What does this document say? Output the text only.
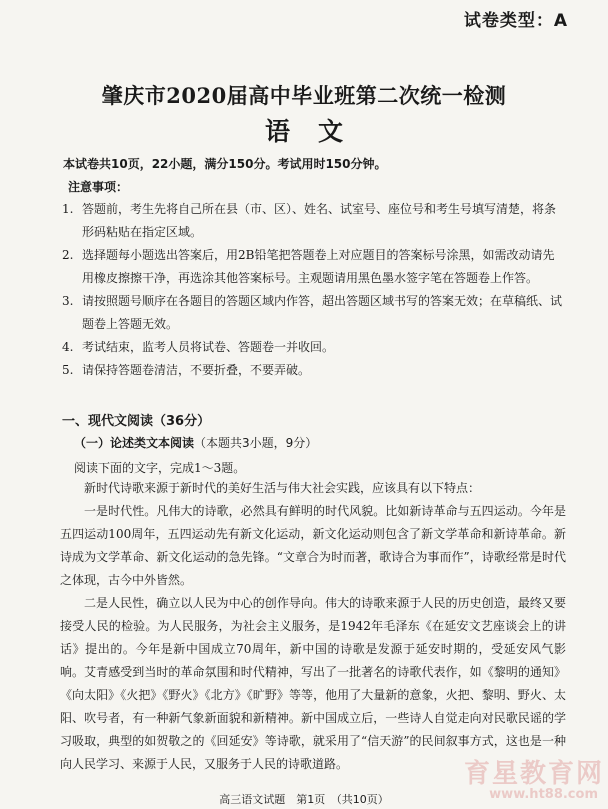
试卷类型：A
肇庆市2020届高中毕业班第二次统一检测
语文
本试卷共10页，22小题，满分150分。考试用时150分钟。
注意事项：
1. 答题前，考生先将自己所在县（市、区）、姓名、试室号、座位号和考生号填写清楚，将条形码粘贴在指定区域。
2. 选择题每小题选出答案后，用2B铅笔把答题卷上对应题目的答案标号涂黑，如需改动请先用橡皮擦擦干净，再选涂其他答案标号。主观题请用黑色墨水签字笔在答题卷上作答。
3. 请按照题号顺序在各题目的答题区域内作答，超出答题区域书写的答案无效；在草稿纸、试题卷上答题无效。
4. 考试结束，监考人员将试卷、答题卷一并收回。
5. 请保持答题卷清洁，不要折叠，不要弄破。
一、现代文阅读（36分）
（一）论述类文本阅读（本题共3小题，9分）
阅读下面的文字，完成1～3题。

新时代诗歌来源于新时代的美好生活与伟大社会实践，应该具有以下特点：

一是时代性。凡伟大的诗歌，必然具有鲜明的时代风貌。比如新诗革命与五四运动。今年是五四运动100周年，五四运动先有新文化运动，新文化运动则包含了新文学革命和新诗革命。新诗成为文学革命、新文化运动的急先锋。“文章合为时而著，歌诗合为事而作”，诗歌经常是时代之体现，古今中外皆然。

二是人民性，确立以人民为中心的创作导向。伟大的诗歌来源于人民的历史创造，最终又要接受人民的检验。为人民服务，为社会主义服务，是1942年毛泽东《在延安文艺座谈会上的讲话》提出的。今年是新中国成立70周年，新中国的诗歌是发源于延安时期的，受延安风气影响。艾青感受到当时的革命氛围和时代精神，写出了一批著名的诗歌代表作，如《黎明的通知》《向太阳》《火把》《野火》《北方》《旷野》等等，他用了大量新的意象，火把、黎明、野火、太阳、吹号者，有一种新气象新面貌和新精神。新中国成立后，一些诗人自觉走向对民歌民谣的学习吸取，典型的如贺敬之的《回延安》等诗歌，就采用了“信天游”的民间叙事方式，这也是一种向人民学习、来源于人民，又服务于人民的诗歌道路。

高三语文试题　第1页　（共10页）
育星教育网
www.ht88.com
